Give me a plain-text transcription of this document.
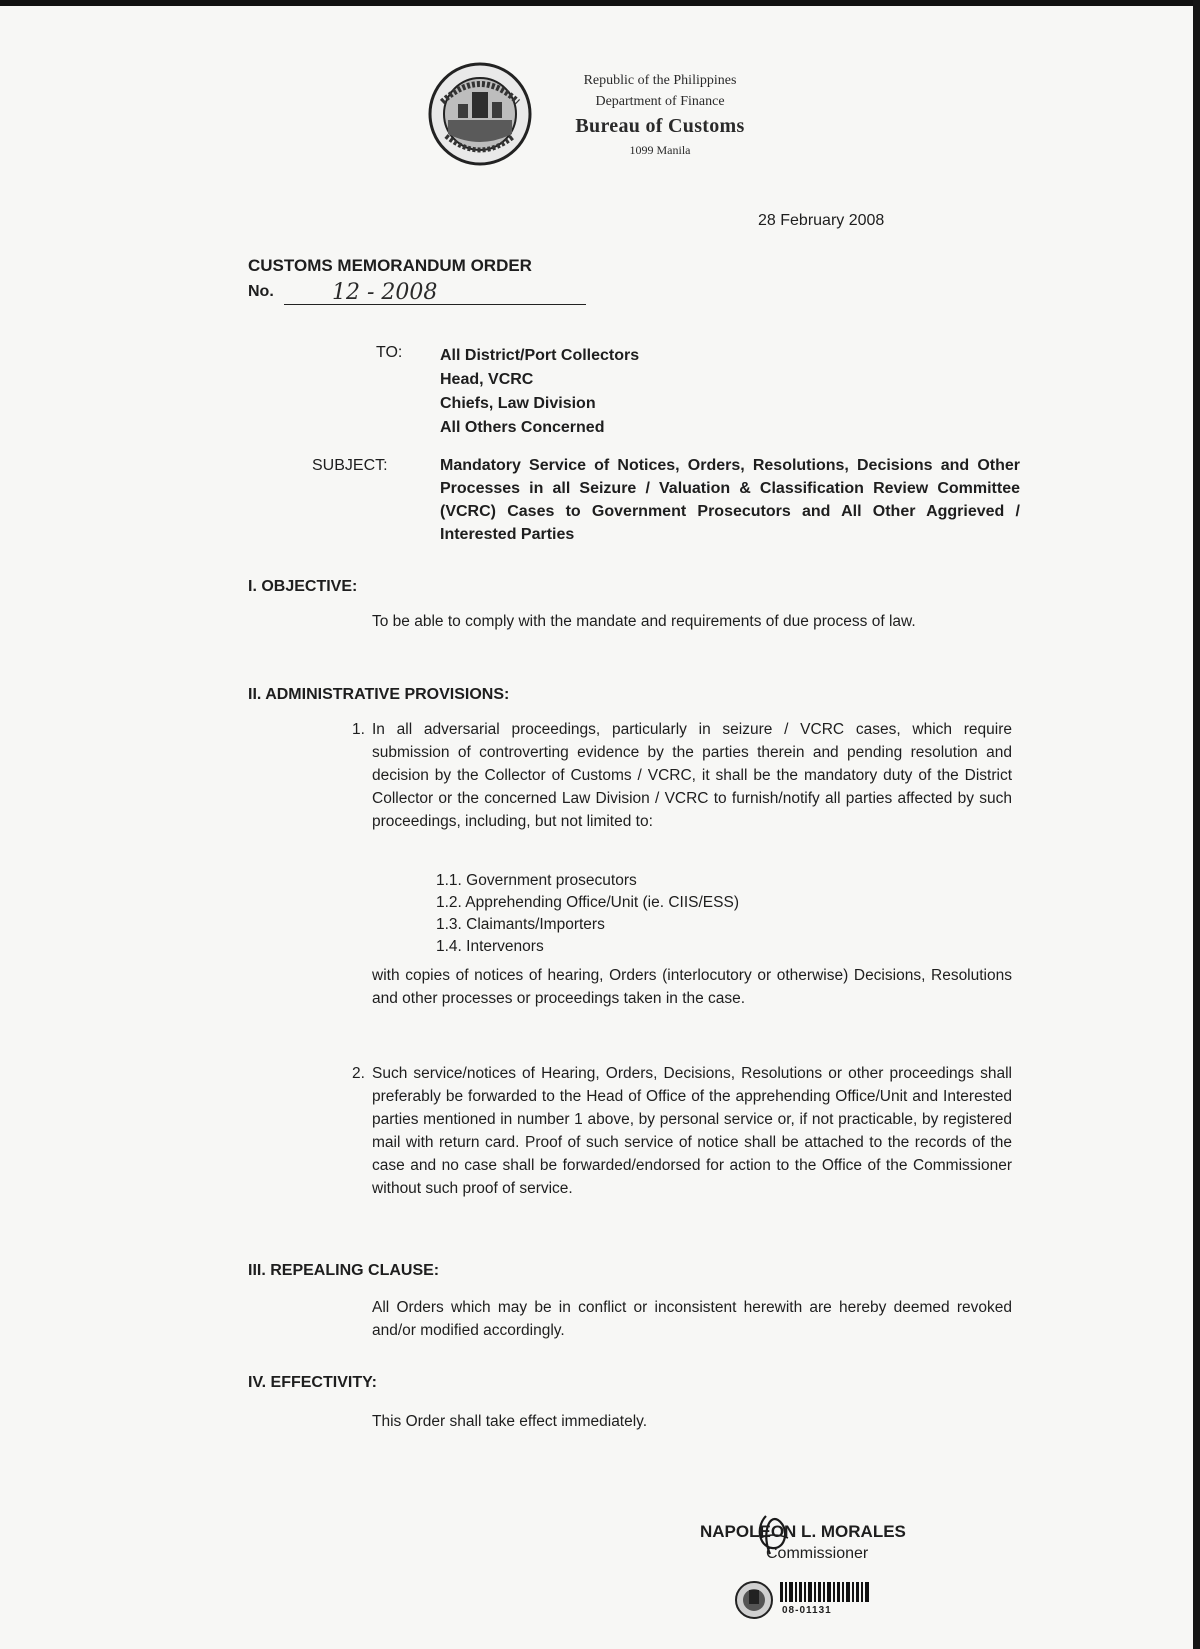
Republic of the Philippines
Department of Finance
Bureau of Customs
1099 Manila
28 February 2008
CUSTOMS MEMORANDUM ORDER
No.	12 - 2008
TO: All District/Port Collectors
Head, VCRC
Chiefs, Law Division
All Others Concerned
SUBJECT:	Mandatory Service of Notices, Orders, Resolutions, Decisions and Other Processes in all Seizure / Valuation & Classification Review Committee (VCRC) Cases to Government Prosecutors and All Other Aggrieved / Interested Parties
I. OBJECTIVE:
To be able to comply with the mandate and requirements of due process of law.
II. ADMINISTRATIVE PROVISIONS:
1. In all adversarial proceedings, particularly in seizure / VCRC cases, which require submission of controverting evidence by the parties therein and pending resolution and decision by the Collector of Customs / VCRC, it shall be the mandatory duty of the District Collector or the concerned Law Division / VCRC to furnish/notify all parties affected by such proceedings, including, but not limited to:
1.1. Government prosecutors
1.2. Apprehending Office/Unit (ie. CIIS/ESS)
1.3. Claimants/Importers
1.4. Intervenors
with copies of notices of hearing, Orders (interlocutory or otherwise) Decisions, Resolutions and other processes or proceedings taken in the case.
2. Such service/notices of Hearing, Orders, Decisions, Resolutions or other proceedings shall preferably be forwarded to the Head of Office of the apprehending Office/Unit and Interested parties mentioned in number 1 above, by personal service or, if not practicable, by registered mail with return card. Proof of such service of notice shall be attached to the records of the case and no case shall be forwarded/endorsed for action to the Office of the Commissioner without such proof of service.
III. REPEALING CLAUSE:
All Orders which may be in conflict or inconsistent herewith are hereby deemed revoked and/or modified accordingly.
IV. EFFECTIVITY:
This Order shall take effect immediately.
NAPOLEON L. MORALES
Commissioner
08-01131
